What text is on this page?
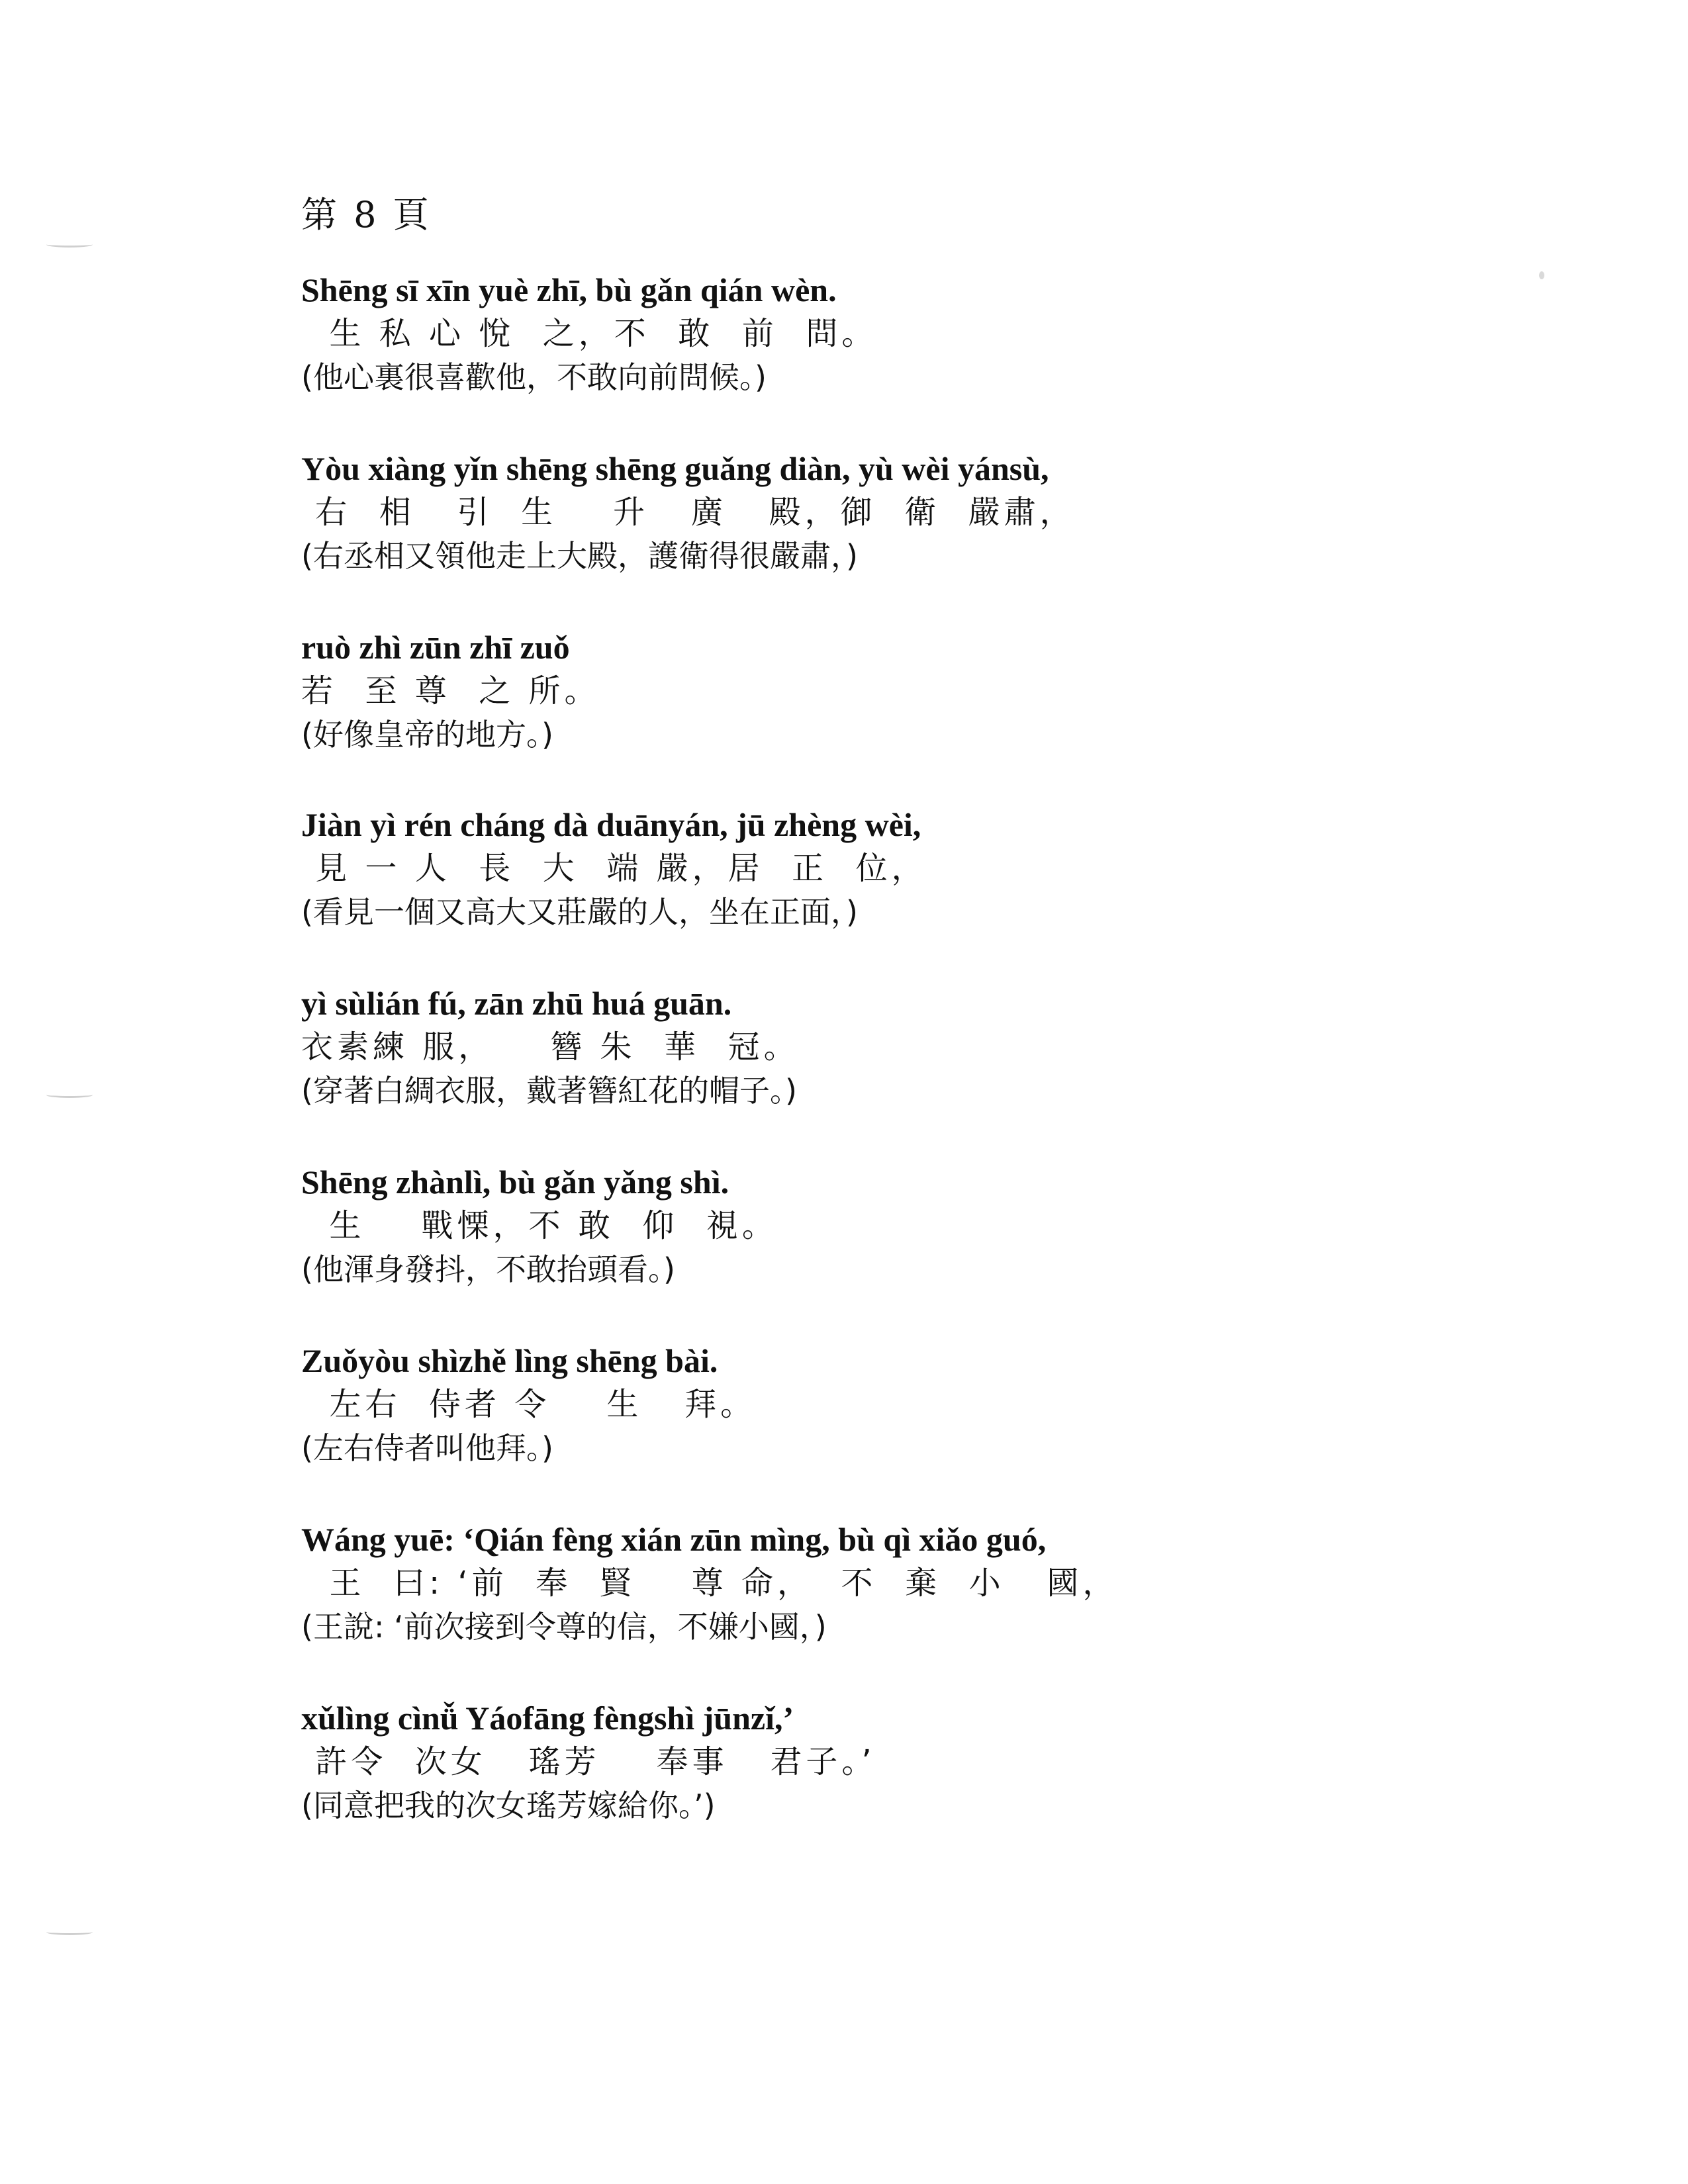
第 8 頁
Shēng sī xīn yuè zhī, bù gǎn qián wèn.
生 私 心 悅  之，不  敢  前  問。
(他心裏很喜歡他，不敢向前問候。)
Yòu xiàng yǐn shēng shēng guǎng diàn, yù wèi yánsù,
右  相   引  生    升   廣   殿，御  衛  嚴肅，
(右丞相又領他走上大殿，護衛得很嚴肅，)
ruò zhì zūn zhī zuǒ
若  至 尊  之 所。
(好像皇帝的地方。)
Jiàn yì rén cháng dà duānyán, jū zhèng wèi,
見 一 人  長  大  端 嚴，居  正  位，
(看見一個又高大又莊嚴的人，坐在正面，)
yì sùlián fú, zān zhū huá guān.
衣素練 服，    簪 朱  華  冠。
(穿著白綢衣服，戴著簪紅花的帽子。)
Shēng zhànlì, bù gǎn yǎng shì.
生    戰慄，不 敢  仰  視。
(他渾身發抖，不敢抬頭看。)
Zuǒyòu shìzhě lìng shēng bài.
左右  侍者 令    生   拜。
(左右侍者叫他拜。)
Wáng yuē: ‘Qián fèng xián zūn mìng, bù qì xiǎo guó,
王  曰: ‘前  奉  賢    尊 命，  不  棄  小   國，
(王說: ‘前次接到令尊的信，不嫌小國，)
xǔlìng cìnǚ Yáofāng fèngshì jūnzǐ,’
許令  次女   瑤芳    奉事   君子。’
(同意把我的次女瑤芳嫁給你。’)
